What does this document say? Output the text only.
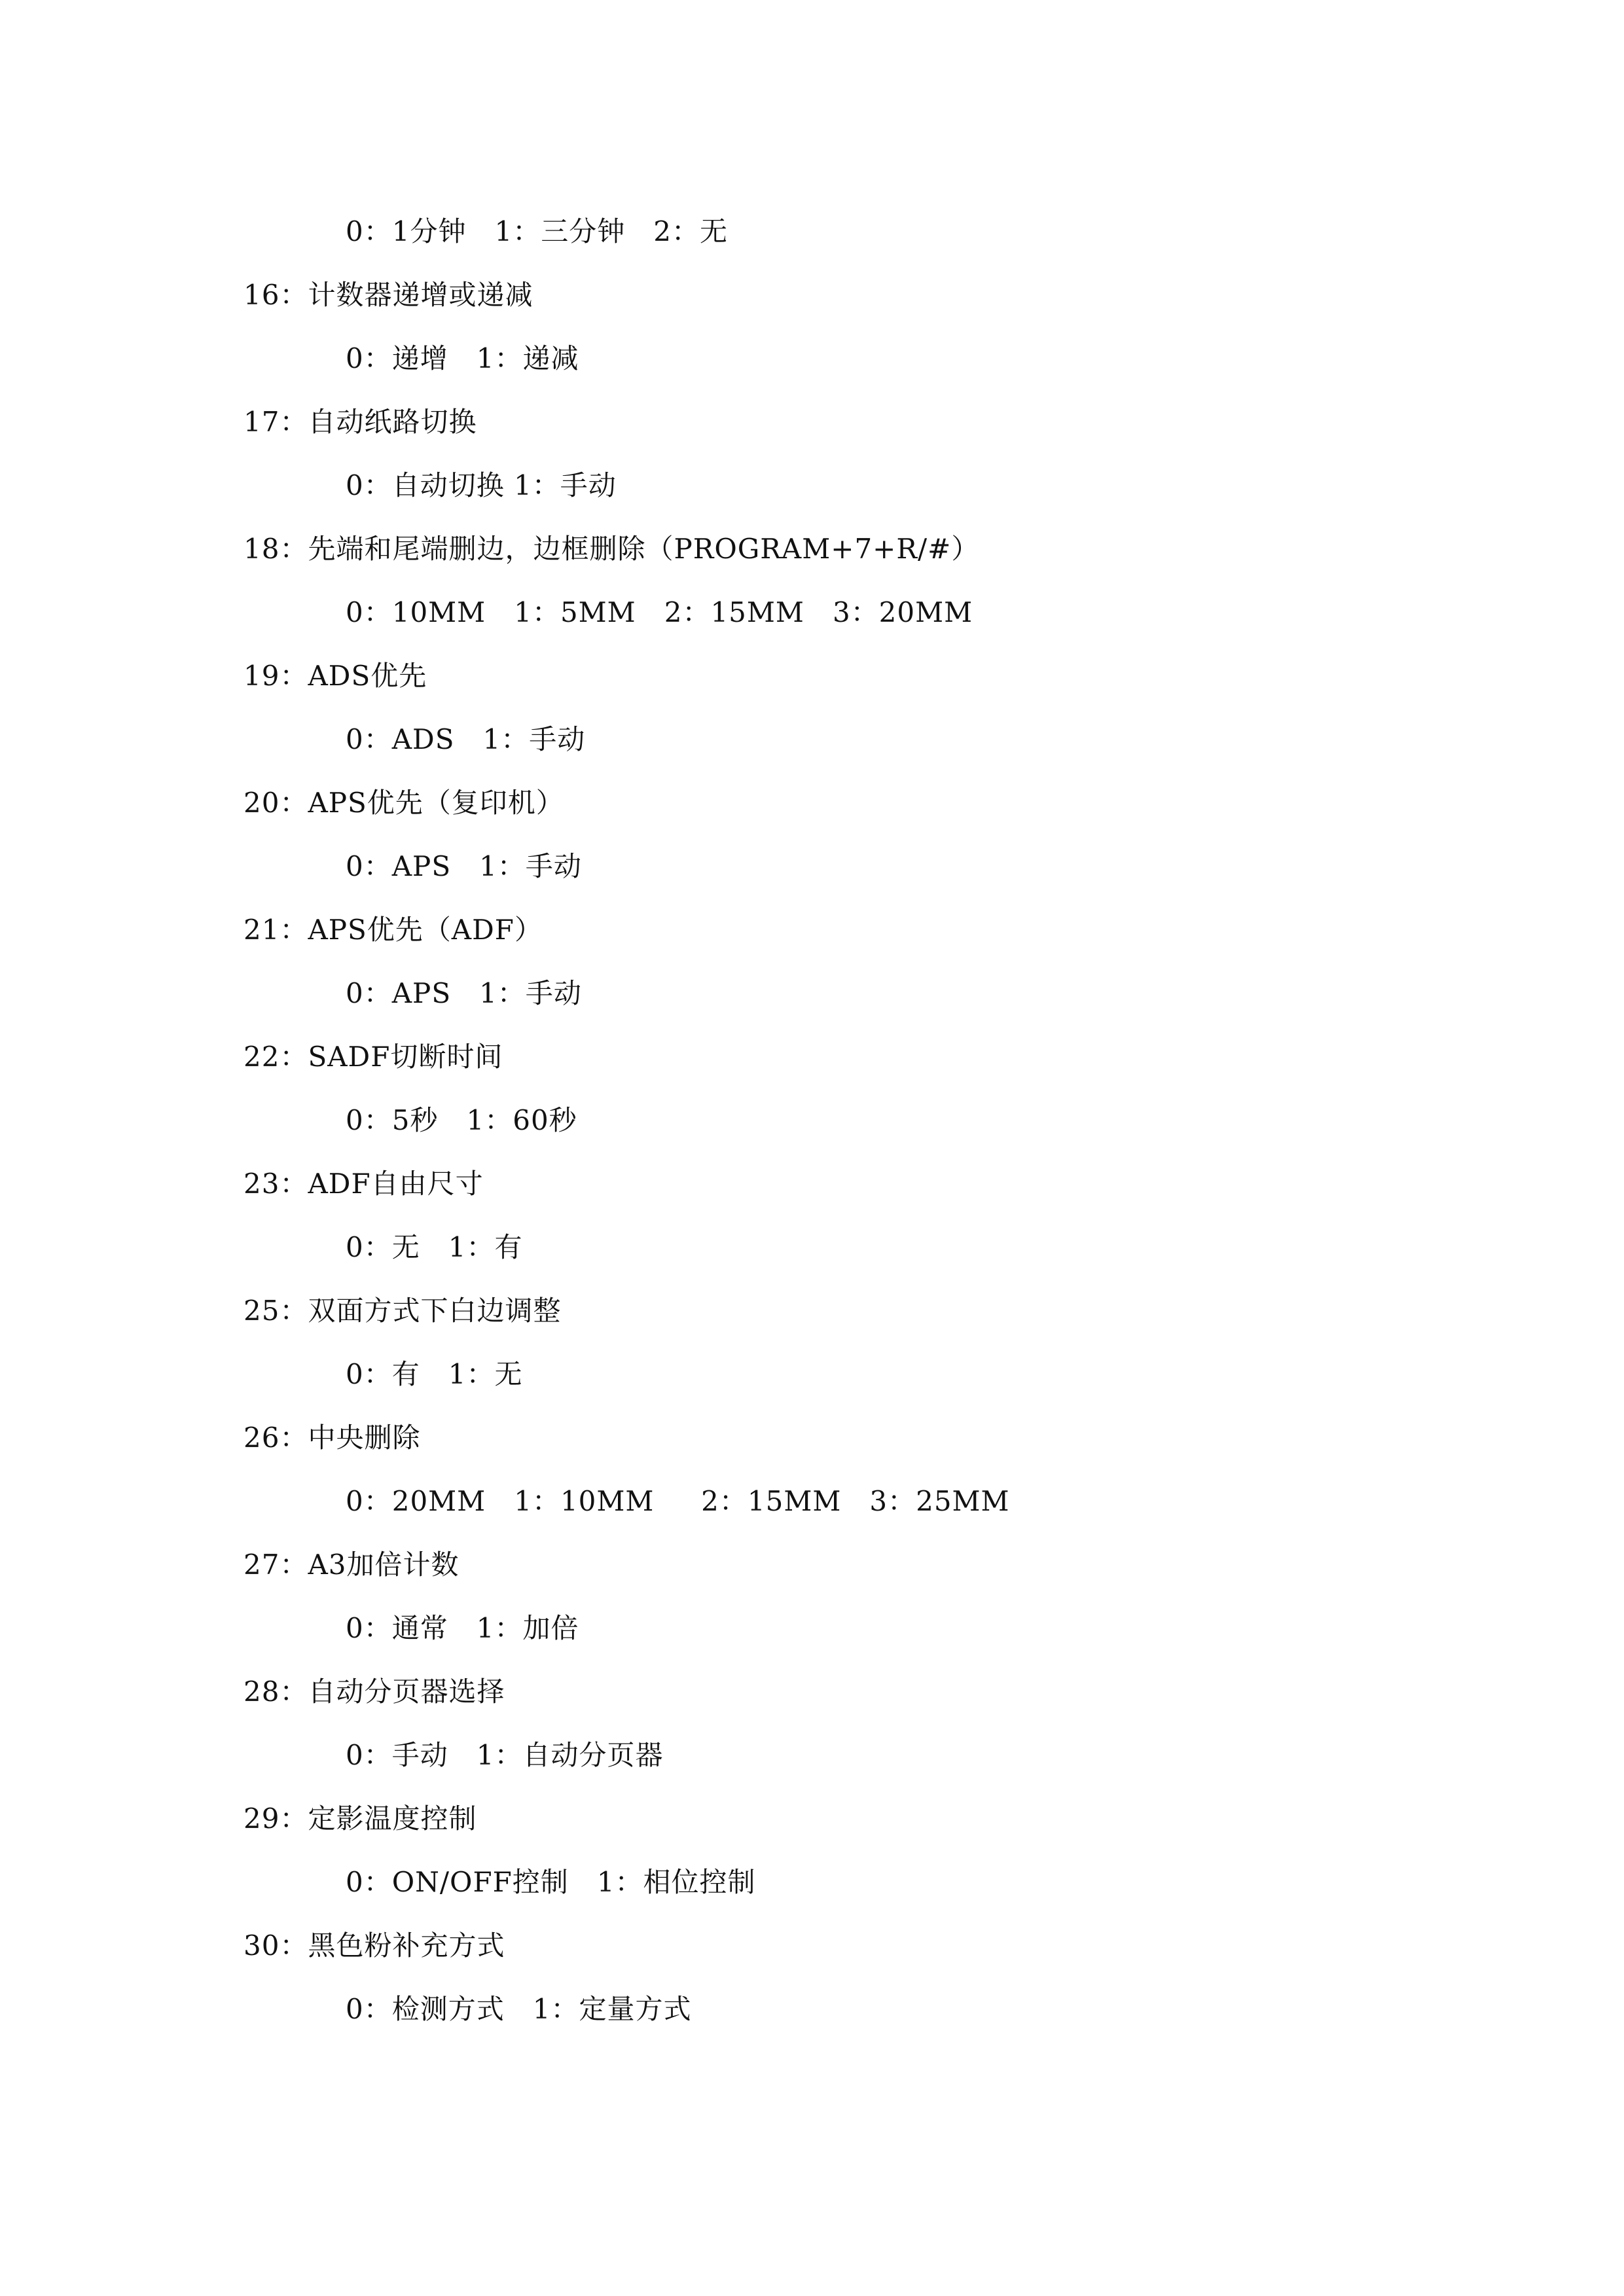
0：1分钟   1：三分钟   2：无
16：计数器递增或递减
0：递增   1：递减
17：自动纸路切换
0：自动切换 1：手动
18：先端和尾端删边，边框删除（PROGRAM+7+R/#）
0：10MM   1：5MM   2：15MM   3：20MM
19：ADS优先
0：ADS   1：手动
20：APS优先（复印机）
0：APS   1：手动
21：APS优先（ADF）
0：APS   1：手动
22：SADF切断时间
0：5秒   1：60秒
23：ADF自由尺寸
0：无   1：有
25：双面方式下白边调整
0：有   1：无
26：中央删除
0：20MM   1：10MM     2：15MM   3：25MM
27：A3加倍计数
0：通常   1：加倍
28：自动分页器选择
0：手动   1：自动分页器
29：定影温度控制
0：ON/OFF控制   1：相位控制
30：黑色粉补充方式
0：检测方式   1：定量方式
